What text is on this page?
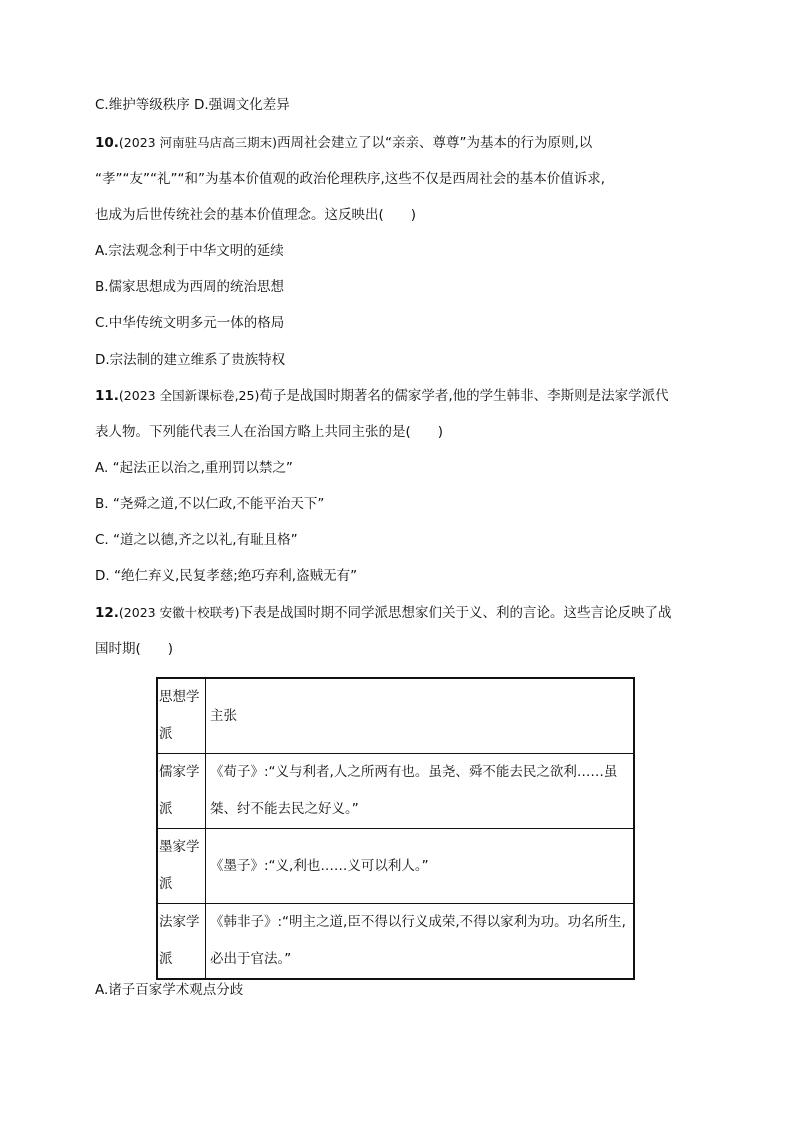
C.维护等级秩序 D.强调文化差异
10.(2023 河南驻马店高三期末)西周社会建立了以“亲亲、尊尊”为基本的行为原则,以
“孝”“友”“礼”“和”为基本价值观的政治伦理秩序,这些不仅是西周社会的基本价值诉求,
也成为后世传统社会的基本价值理念。这反映出(　　)
A.宗法观念利于中华文明的延续
B.儒家思想成为西周的统治思想
C.中华传统文明多元一体的格局
D.宗法制的建立维系了贵族特权
11.(2023 全国新课标卷,25)荀子是战国时期著名的儒家学者,他的学生韩非、李斯则是法家学派代
表人物。下列能代表三人在治国方略上共同主张的是(　　)
A. “起法正以治之,重刑罚以禁之”
B. “尧舜之道,不以仁政,不能平治天下”
C. “道之以德,齐之以礼,有耻且格”
D. “绝仁弃义,民复孝慈;绝巧弃利,盗贼无有”
12.(2023 安徽十校联考)下表是战国时期不同学派思想家们关于义、利的言论。这些言论反映了战
国时期(　　)
思想学派	主张
儒家学派	《荀子》:“义与利者,人之所两有也。虽尧、舜不能去民之欲利……虽桀、纣不能去民之好义。”
墨家学派	《墨子》:“义,利也……义可以利人。”
法家学派	《韩非子》:“明主之道,臣不得以行义成荣,不得以家利为功。功名所生,必出于官法。”
A.诸子百家学术观点分歧
